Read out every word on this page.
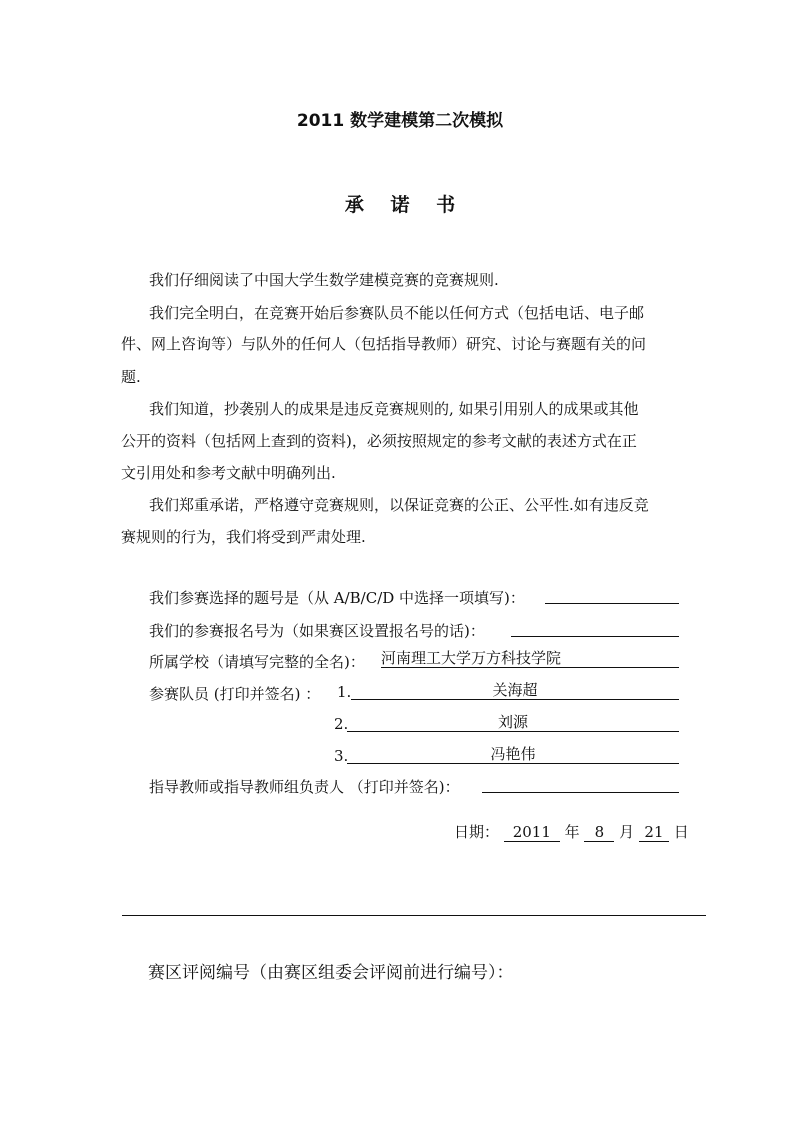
2011 数学建模第二次模拟
承 诺 书
我们仔细阅读了中国大学生数学建模竞赛的竞赛规则.
我们完全明白，在竞赛开始后参赛队员不能以任何方式（包括电话、电子邮
件、网上咨询等）与队外的任何人（包括指导教师）研究、讨论与赛题有关的问
题.
我们知道，抄袭别人的成果是违反竞赛规则的, 如果引用别人的成果或其他
公开的资料（包括网上查到的资料)，必须按照规定的参考文献的表述方式在正
文引用处和参考文献中明确列出.
我们郑重承诺，严格遵守竞赛规则，以保证竞赛的公正、公平性.如有违反竞
赛规则的行为，我们将受到严肃处理.
我们参赛选择的题号是（从 A/B/C/D 中选择一项填写)：
我们的参赛报名号为（如果赛区设置报名号的话)：
所属学校（请填写完整的全名)： 河南理工大学万方科技学院
参赛队员 (打印并签名) ： 1.	关海超
2.	刘源
3.	冯艳伟
指导教师或指导教师组负责人 （打印并签名)：
日期： 2011 年 8 月 21 日
赛区评阅编号（由赛区组委会评阅前进行编号）：
